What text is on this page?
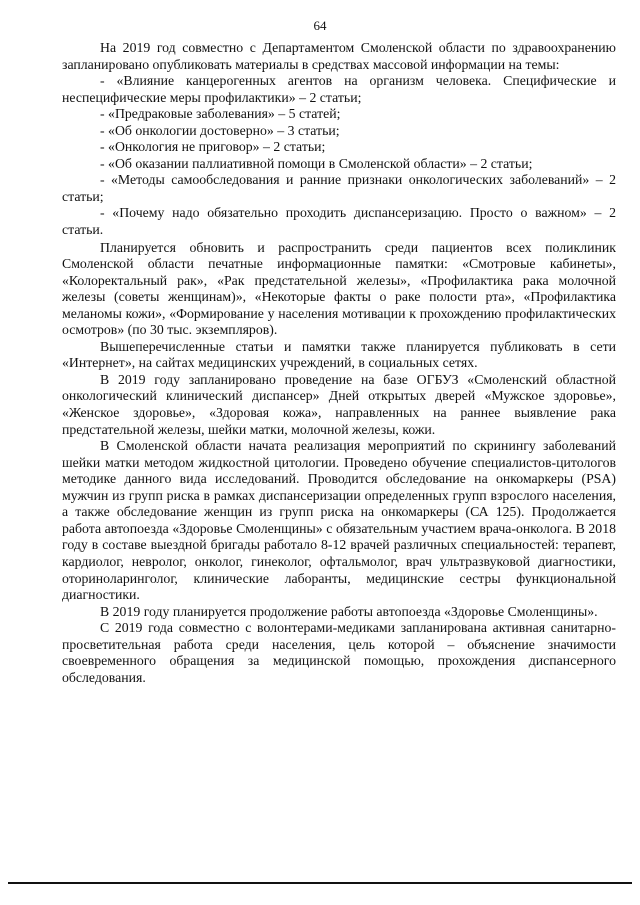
64

На 2019 год совместно с Департаментом Смоленской области по здравоохранению запланировано опубликовать материалы в средствах массовой информации на темы:

- «Влияние канцерогенных агентов на организм человека. Специфические и неспецифические меры профилактики» – 2 статьи;
- «Предраковые заболевания» – 5 статей;
- «Об онкологии достоверно» – 3 статьи;
- «Онкология не приговор» – 2 статьи;
- «Об оказании паллиативной помощи в Смоленской области» – 2 статьи;
- «Методы самообследования и ранние признаки онкологических заболеваний» – 2 статьи;
- «Почему надо обязательно проходить диспансеризацию. Просто о важном» – 2 статьи.

Планируется обновить и распространить среди пациентов всех поликлиник Смоленской области печатные информационные памятки: «Смотровые кабинеты», «Колоректальный рак», «Рак предстательной железы», «Профилактика рака молочной железы (советы женщинам)», «Некоторые факты о раке полости рта», «Профилактика меланомы кожи», «Формирование у населения мотивации к прохождению профилактических осмотров» (по 30 тыс. экземпляров).

Вышеперечисленные статьи и памятки также планируется публиковать в сети «Интернет», на сайтах медицинских учреждений, в социальных сетях.

В 2019 году запланировано проведение на базе ОГБУЗ «Смоленский областной онкологический клинический диспансер» Дней открытых дверей «Мужское здоровье», «Женское здоровье», «Здоровая кожа», направленных на раннее выявление рака предстательной железы, шейки матки, молочной железы, кожи.

В Смоленской области начата реализация мероприятий по скринингу заболеваний шейки матки методом жидкостной цитологии. Проведено обучение специалистов-цитологов методике данного вида исследований. Проводится обследование на онкомаркеры (PSA) мужчин из групп риска в рамках диспансеризации определенных групп взрослого населения, а также обследование женщин из групп риска на онкомаркеры (СА 125). Продолжается работа автопоезда «Здоровье Смоленщины» с обязательным участием врача-онколога. В 2018 году в составе выездной бригады работало 8-12 врачей различных специальностей: терапевт, кардиолог, невролог, онколог, гинеколог, офтальмолог, врач ультразвуковой диагностики, оториноларинголог, клинические лаборанты, медицинские сестры функциональной диагностики.

В 2019 году планируется продолжение работы автопоезда «Здоровье Смоленщины».

С 2019 года совместно с волонтерами-медиками запланирована активная санитарно-просветительная работа среди населения, цель которой – объяснение значимости своевременного обращения за медицинской помощью, прохождения диспансерного обследования.
